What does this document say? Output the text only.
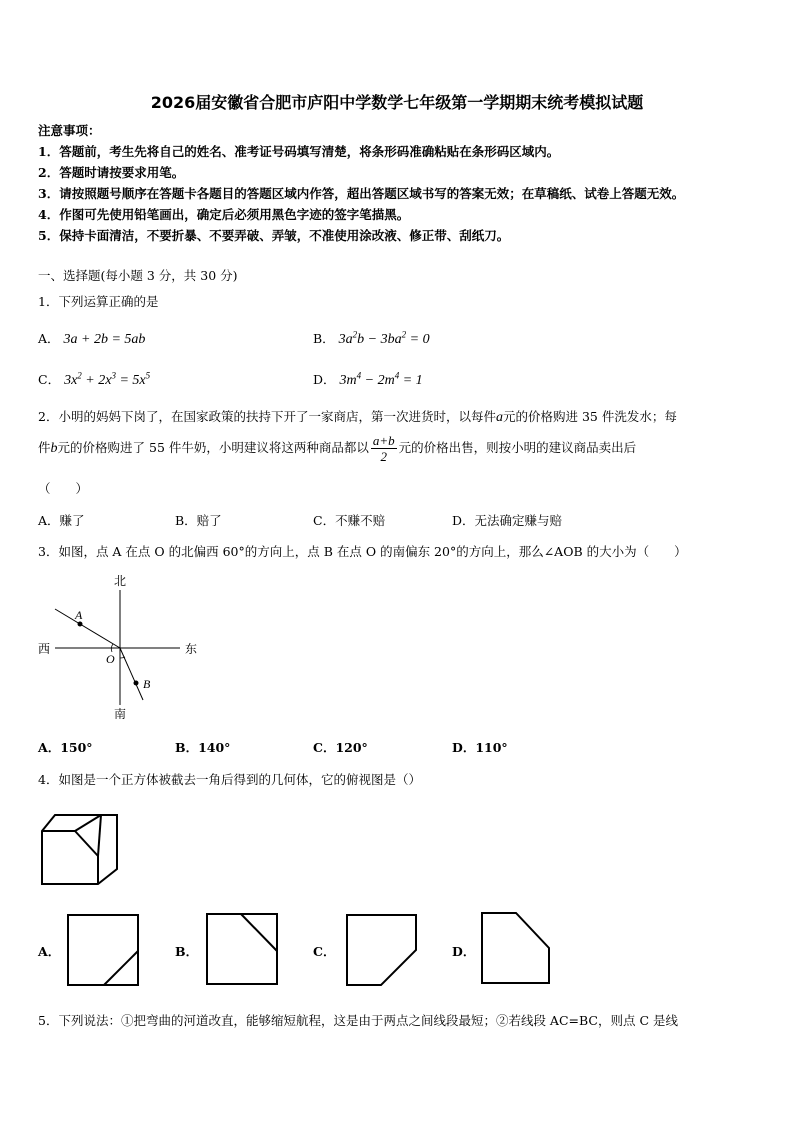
2026届安徽省合肥市庐阳中学数学七年级第一学期期末统考模拟试题
注意事项：
1．答题前，考生先将自己的姓名、准考证号码填写清楚，将条形码准确粘贴在条形码区域内。
2．答题时请按要求用笔。
3．请按照题号顺序在答题卡各题目的答题区域内作答，超出答题区域书写的答案无效；在草稿纸、试卷上答题无效。
4．作图可先使用铅笔画出，确定后必须用黑色字迹的签字笔描黑。
5．保持卡面清洁，不要折暴、不要弄破、弄皱，不准使用涂改液、修正带、刮纸刀。
一、选择题(每小题 3 分，共 30 分)
1．下列运算正确的是
A． 3a + 2b = 5ab	B． $3a^2b - 3ba^2 = 0$
C． $3x^2 + 2x^3 = 5x^5$	D． $3m^4 - 2m^4 = 1$
2．小明的妈妈下岗了，在国家政策的扶持下开了一家商店，第一次进货时，以每件a元的价格购进 35 件洗发水；每
件b元的价格购进了 55 件牛奶，小明建议将这两种商品都以 $\frac{a+b}{2}$ 元的价格出售，则按小明的建议商品卖出后
（　　）
A．赚了	B．赔了	C．不赚不赔	D．无法确定赚与赔
3．如图，点 A 在点 O 的北偏西 60°的方向上，点 B 在点 O 的南偏东 20°的方向上，那么∠AOB 的大小为（　　）
北
南
西	东
A
B
O
A．150°	B．140°	C．120°	D．110°
4．如图是一个正方体被截去一角后得到的几何体，它的俯视图是（）
A．	B．	C．	D．
5．下列说法：①把弯曲的河道改直，能够缩短航程，这是由于两点之间线段最短；②若线段 AC=BC，则点 C 是线
